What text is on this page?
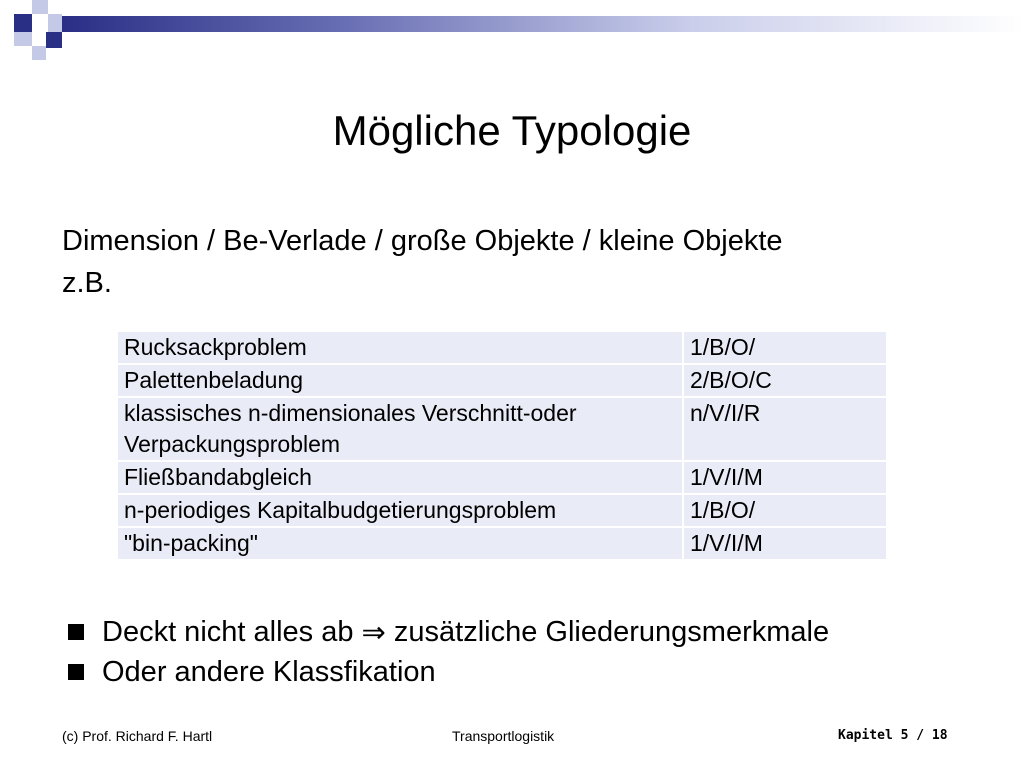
Mögliche Typologie
Dimension / Be-Verlade / große Objekte / kleine Objekte
z.B.
Rucksackproblem	1/B/O/
Palettenbeladung	2/B/O/C
klassisches n-dimensionales Verschnitt-oder Verpackungsproblem	n/V/I/R
Fließbandabgleich	1/V/I/M
n-periodiges Kapitalbudgetierungsproblem	1/B/O/
"bin-packing"	1/V/I/M
Deckt nicht alles ab
⇒
zusätzliche Gliederungsmerkmale
Oder andere Klassfikation
(c) Prof. Richard F. Hartl	Transportlogistik	Kapitel 5 / 18
